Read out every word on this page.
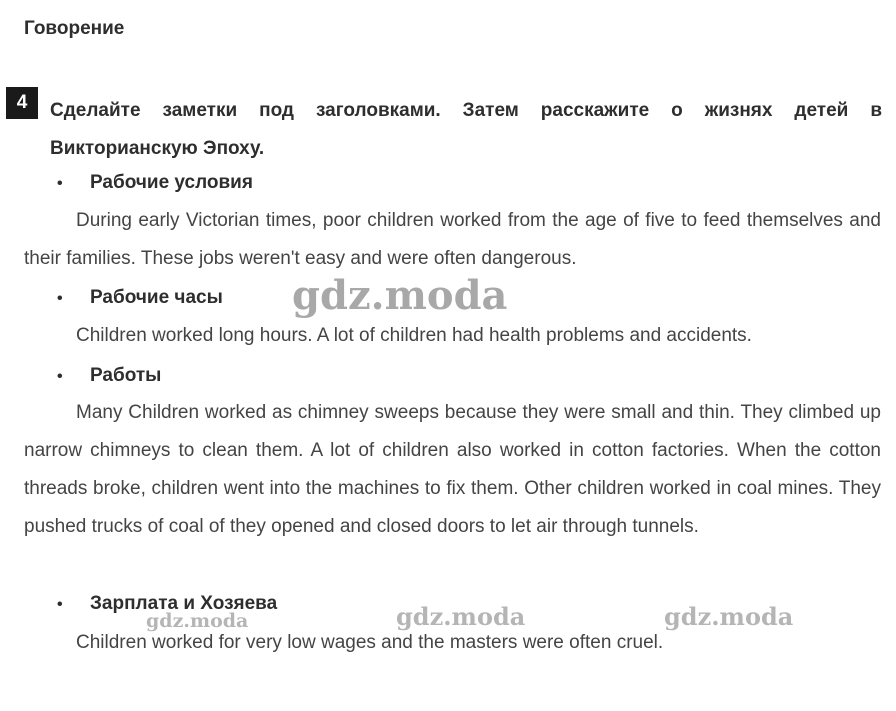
Говорение
4	Сделайте заметки под заголовками. Затем расскажите о жизнях детей в Викторианскую Эпоху.
• Рабочие условия
During early Victorian times, poor children worked from the age of five to feed themselves and their families. These jobs weren't easy and were often dangerous.
• Рабочие часы
Children worked long hours. A lot of children had health problems and accidents.
• Работы
Many Children worked as chimney sweeps because they were small and thin. They climbed up narrow chimneys to clean them. A lot of children also worked in cotton factories. When the cotton threads broke, children went into the machines to fix them. Other children worked in coal mines. They pushed trucks of coal of they opened and closed doors to let air through tunnels.
• Зарплата и Хозяева
Children worked for very low wages and the masters were often cruel.
gdz.moda
gdz.moda	gdz.moda	gdz.moda
